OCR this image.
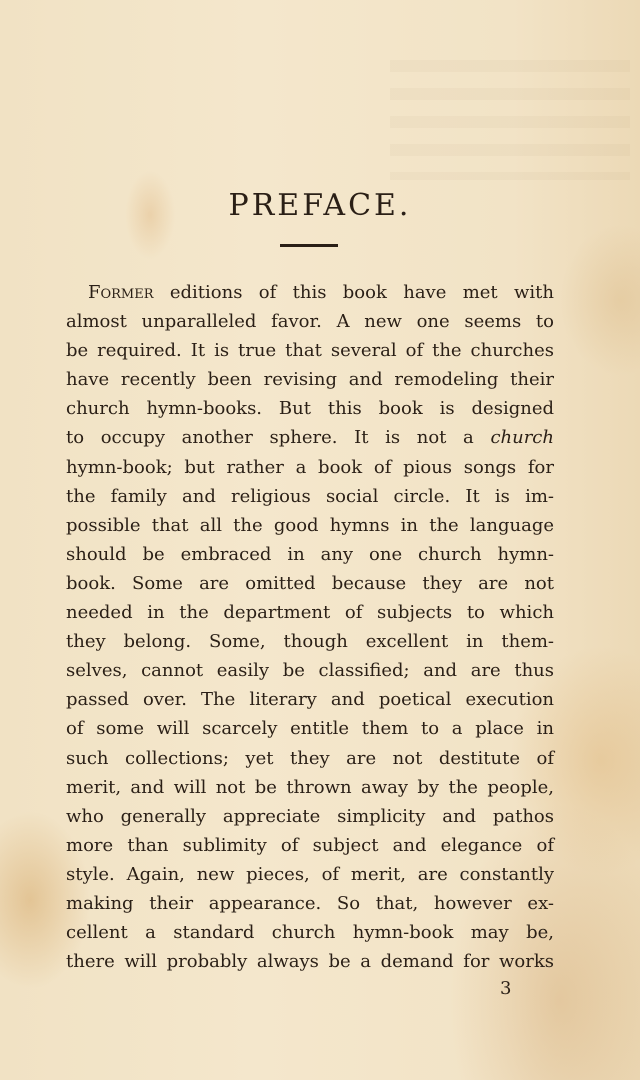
PREFACE.
Former editions of this book have met with
almost unparalleled favor. A new one seems to
be required. It is true that several of the churches
have recently been revising and remodeling their
church hymn-books. But this book is designed
to occupy another sphere. It is not a church
hymn-book; but rather a book of pious songs for
the family and religious social circle. It is im-
possible that all the good hymns in the language
should be embraced in any one church hymn-
book. Some are omitted because they are not
needed in the department of subjects to which
they belong. Some, though excellent in them-
selves, cannot easily be classified; and are thus
passed over. The literary and poetical execution
of some will scarcely entitle them to a place in
such collections; yet they are not destitute of
merit, and will not be thrown away by the people,
who generally appreciate simplicity and pathos
more than sublimity of subject and elegance of
style. Again, new pieces, of merit, are constantly
making their appearance. So that, however ex-
cellent a standard church hymn-book may be,
there will probably always be a demand for works
3
